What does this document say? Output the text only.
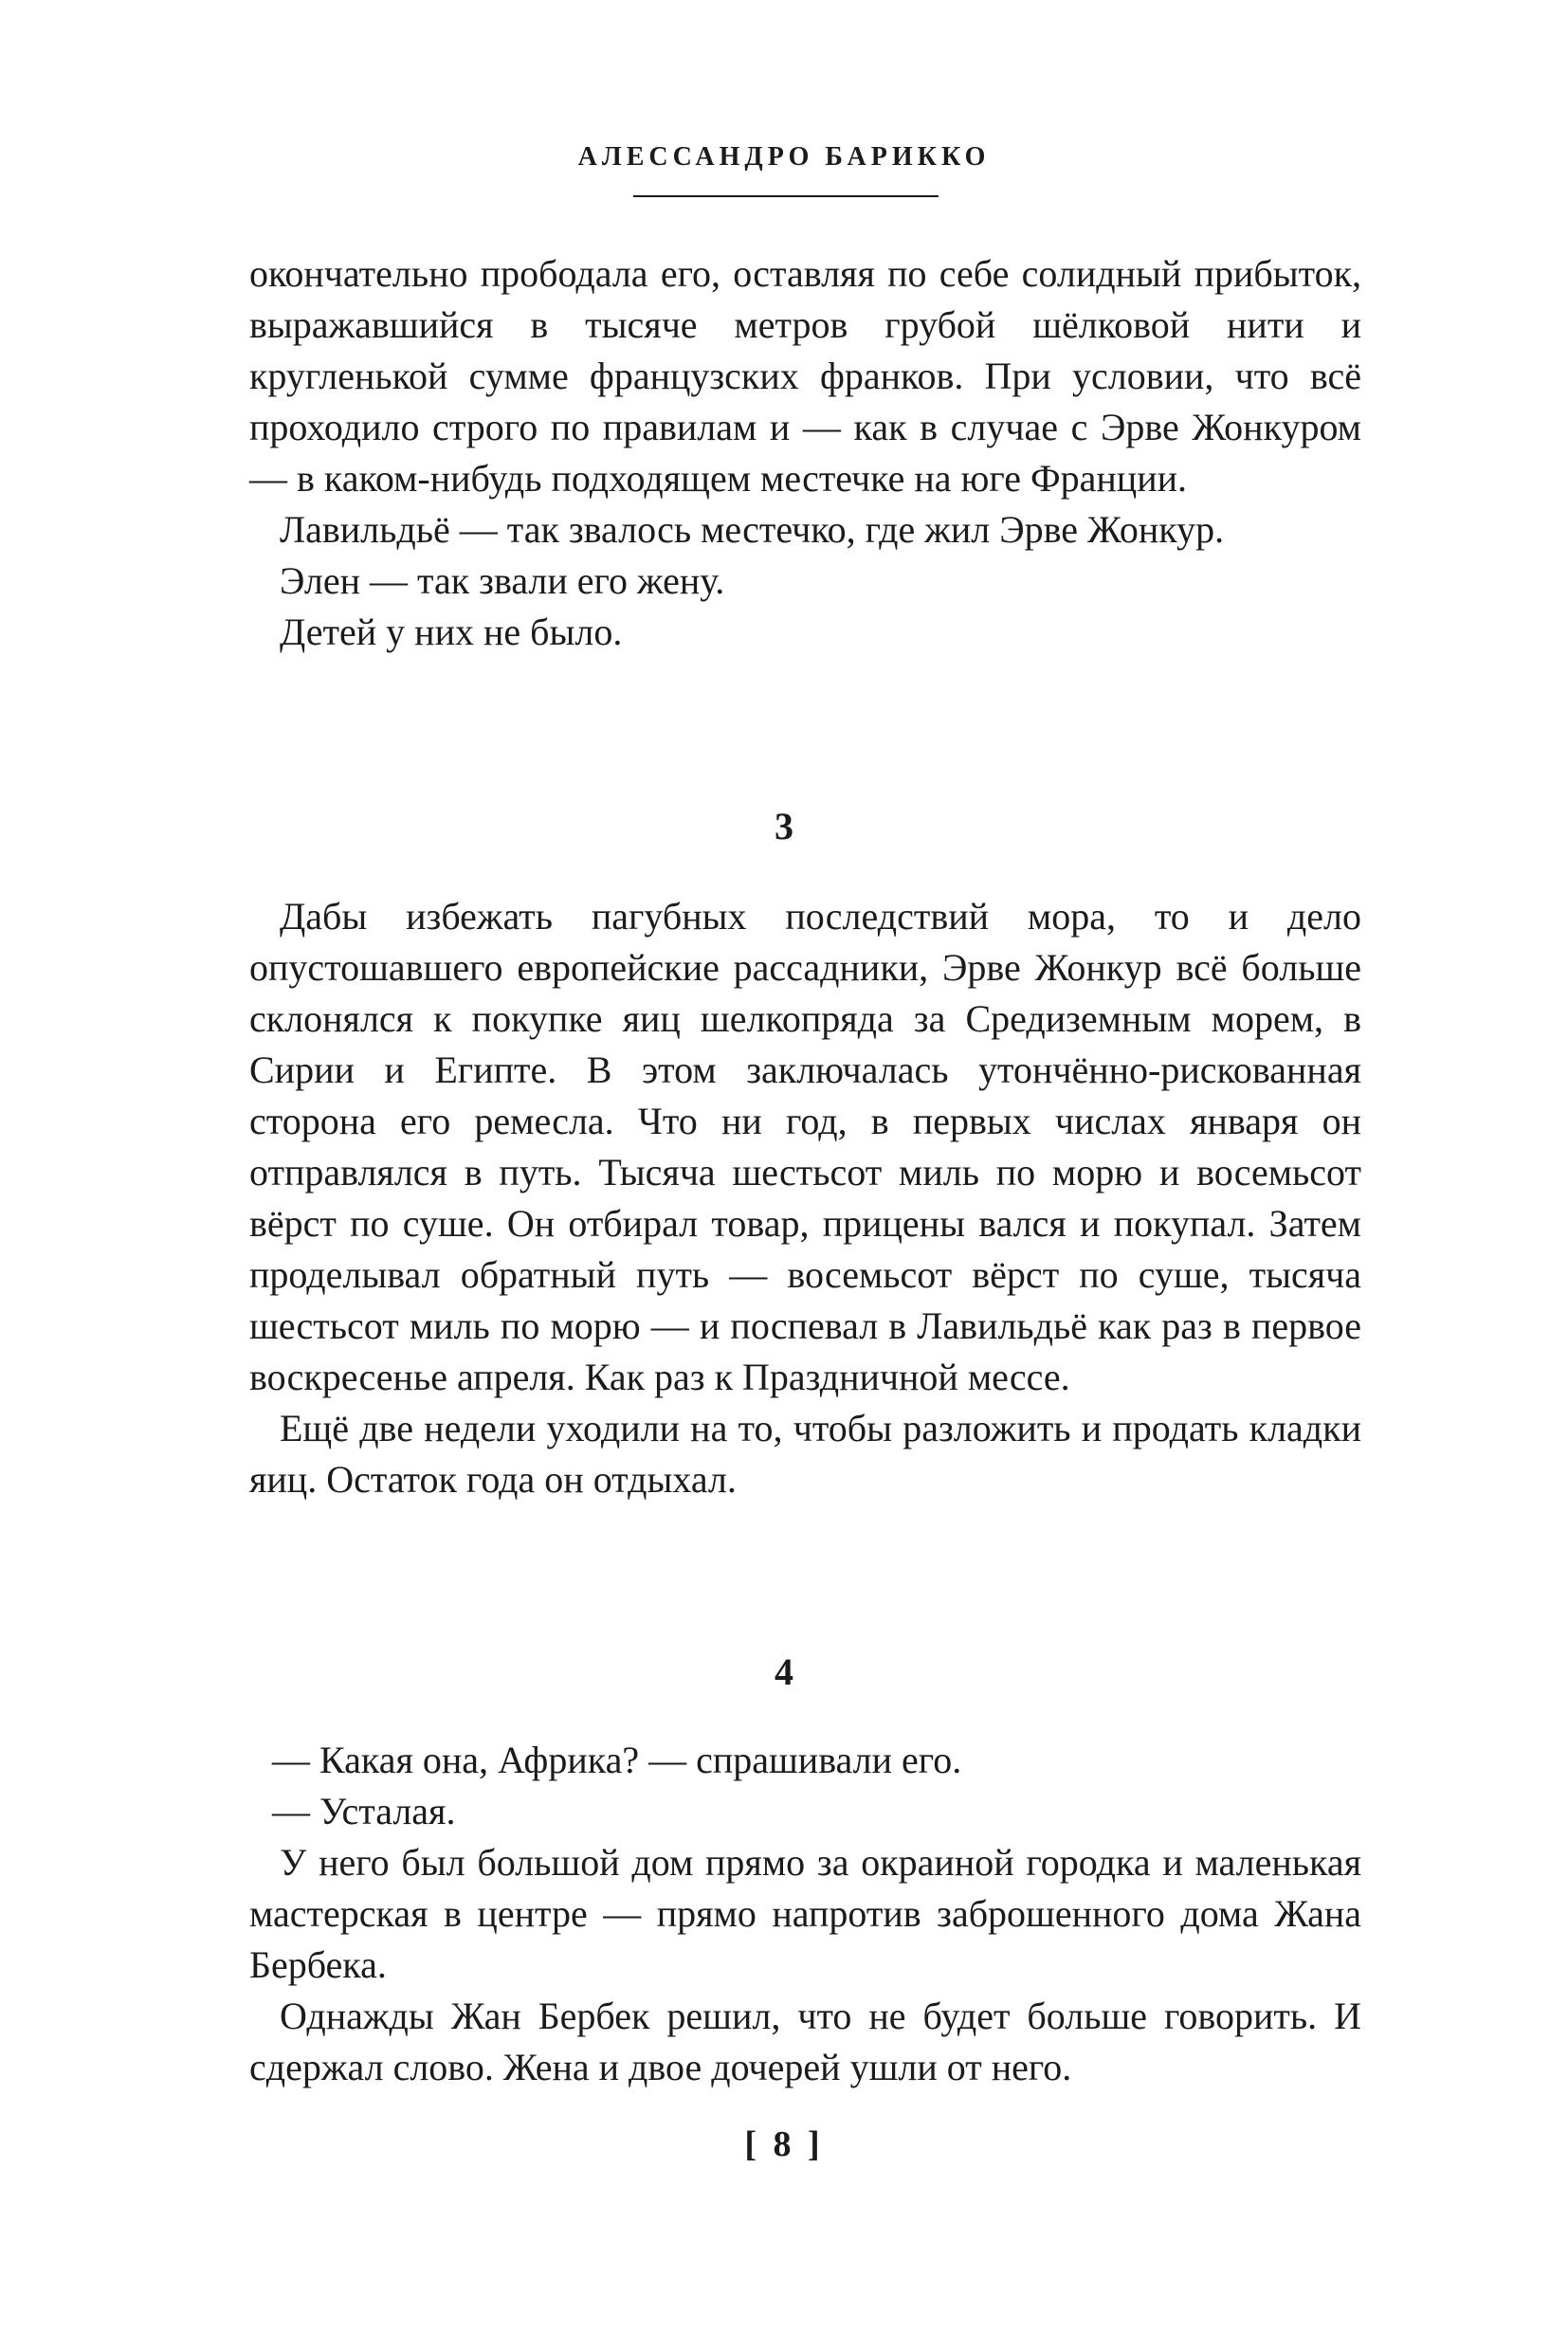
АЛЕССАНДРО БАРИККО

окончательно прободала его, оставляя по себе солидный прибыток, выражавшийся в тысяче метров грубой шёлковой нити и кругленькой сумме французских франков. При условии, что всё проходило строго по правилам и — как в случае с Эрве Жонкуром — в каком-нибудь подходящем местечке на юге Франции.

Лавильдьё — так звалось местечко, где жил Эрве Жонкур.

Элен — так звали его жену.

Детей у них не было.

3

Дабы избежать пагубных последствий мора, то и дело опустошавшего европейские рассадники, Эрве Жонкур всё больше склонялся к покупке яиц шелкопряда за Средиземным морем, в Сирии и Египте. В этом заключалась утончённо-рискованная сторона его ремесла. Что ни год, в первых числах января он отправлялся в путь. Тысяча шестьсот миль по морю и восемьсот вёрст по суше. Он отбирал товар, прицены вался и покупал. Затем проделывал обратный путь — восемьсот вёрст по суше, тысяча шестьсот миль по морю — и поспевал в Лавильдьё как раз в первое воскресенье апреля. Как раз к Праздничной мессе.

Ещё две недели уходили на то, чтобы разложить и продать кладки яиц. Остаток года он отдыхал.

4

— Какая она, Африка? — спрашивали его.

— Усталая.

У него был большой дом прямо за окраиной городка и маленькая мастерская в центре — прямо напротив заброшенного дома Жана Бербека.

Однажды Жан Бербек решил, что не будет больше говорить. И сдержал слово. Жена и двое дочерей ушли от него.

[ 8 ]
